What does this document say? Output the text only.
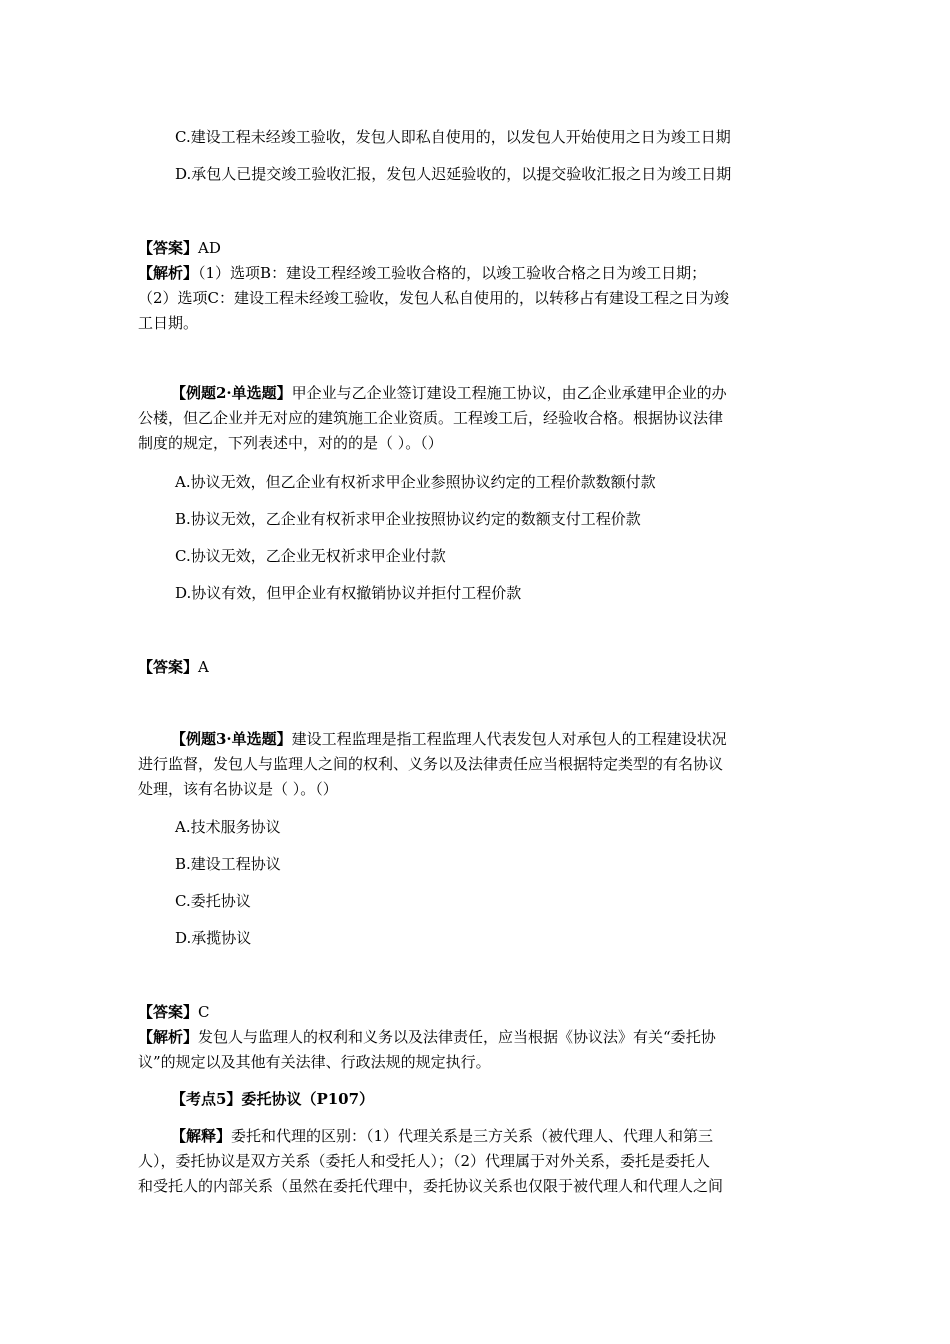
C.建设工程未经竣工验收，发包人即私自使用的，以发包人开始使用之日为竣工日期
D.承包人已提交竣工验收汇报，发包人迟延验收的，以提交验收汇报之日为竣工日期
【答案】AD
【解析】（1）选项B：建设工程经竣工验收合格的，以竣工验收合格之日为竣工日期；
（2）选项C：建设工程未经竣工验收，发包人私自使用的，以转移占有建设工程之日为竣
工日期。
【例题2·单选题】甲企业与乙企业签订建设工程施工协议，由乙企业承建甲企业的办
公楼，但乙企业并无对应的建筑施工企业资质。工程竣工后，经验收合格。根据协议法律
制度的规定，下列表述中，对的的是（ ）。（）
A.协议无效，但乙企业有权祈求甲企业参照协议约定的工程价款数额付款
B.协议无效，乙企业有权祈求甲企业按照协议约定的数额支付工程价款
C.协议无效，乙企业无权祈求甲企业付款
D.协议有效，但甲企业有权撤销协议并拒付工程价款
【答案】A
【例题3·单选题】建设工程监理是指工程监理人代表发包人对承包人的工程建设状况
进行监督，发包人与监理人之间的权利、义务以及法律责任应当根据特定类型的有名协议
处理，该有名协议是（ ）。（）
A.技术服务协议
B.建设工程协议
C.委托协议
D.承揽协议
【答案】C
【解析】发包人与监理人的权利和义务以及法律责任，应当根据《协议法》有关“委托协
议”的规定以及其他有关法律、行政法规的规定执行。
【考点5】委托协议（P107）
【解释】委托和代理的区别：（1）代理关系是三方关系（被代理人、代理人和第三
人），委托协议是双方关系（委托人和受托人）；（2）代理属于对外关系，委托是委托人
和受托人的内部关系（虽然在委托代理中，委托协议关系也仅限于被代理人和代理人之间
